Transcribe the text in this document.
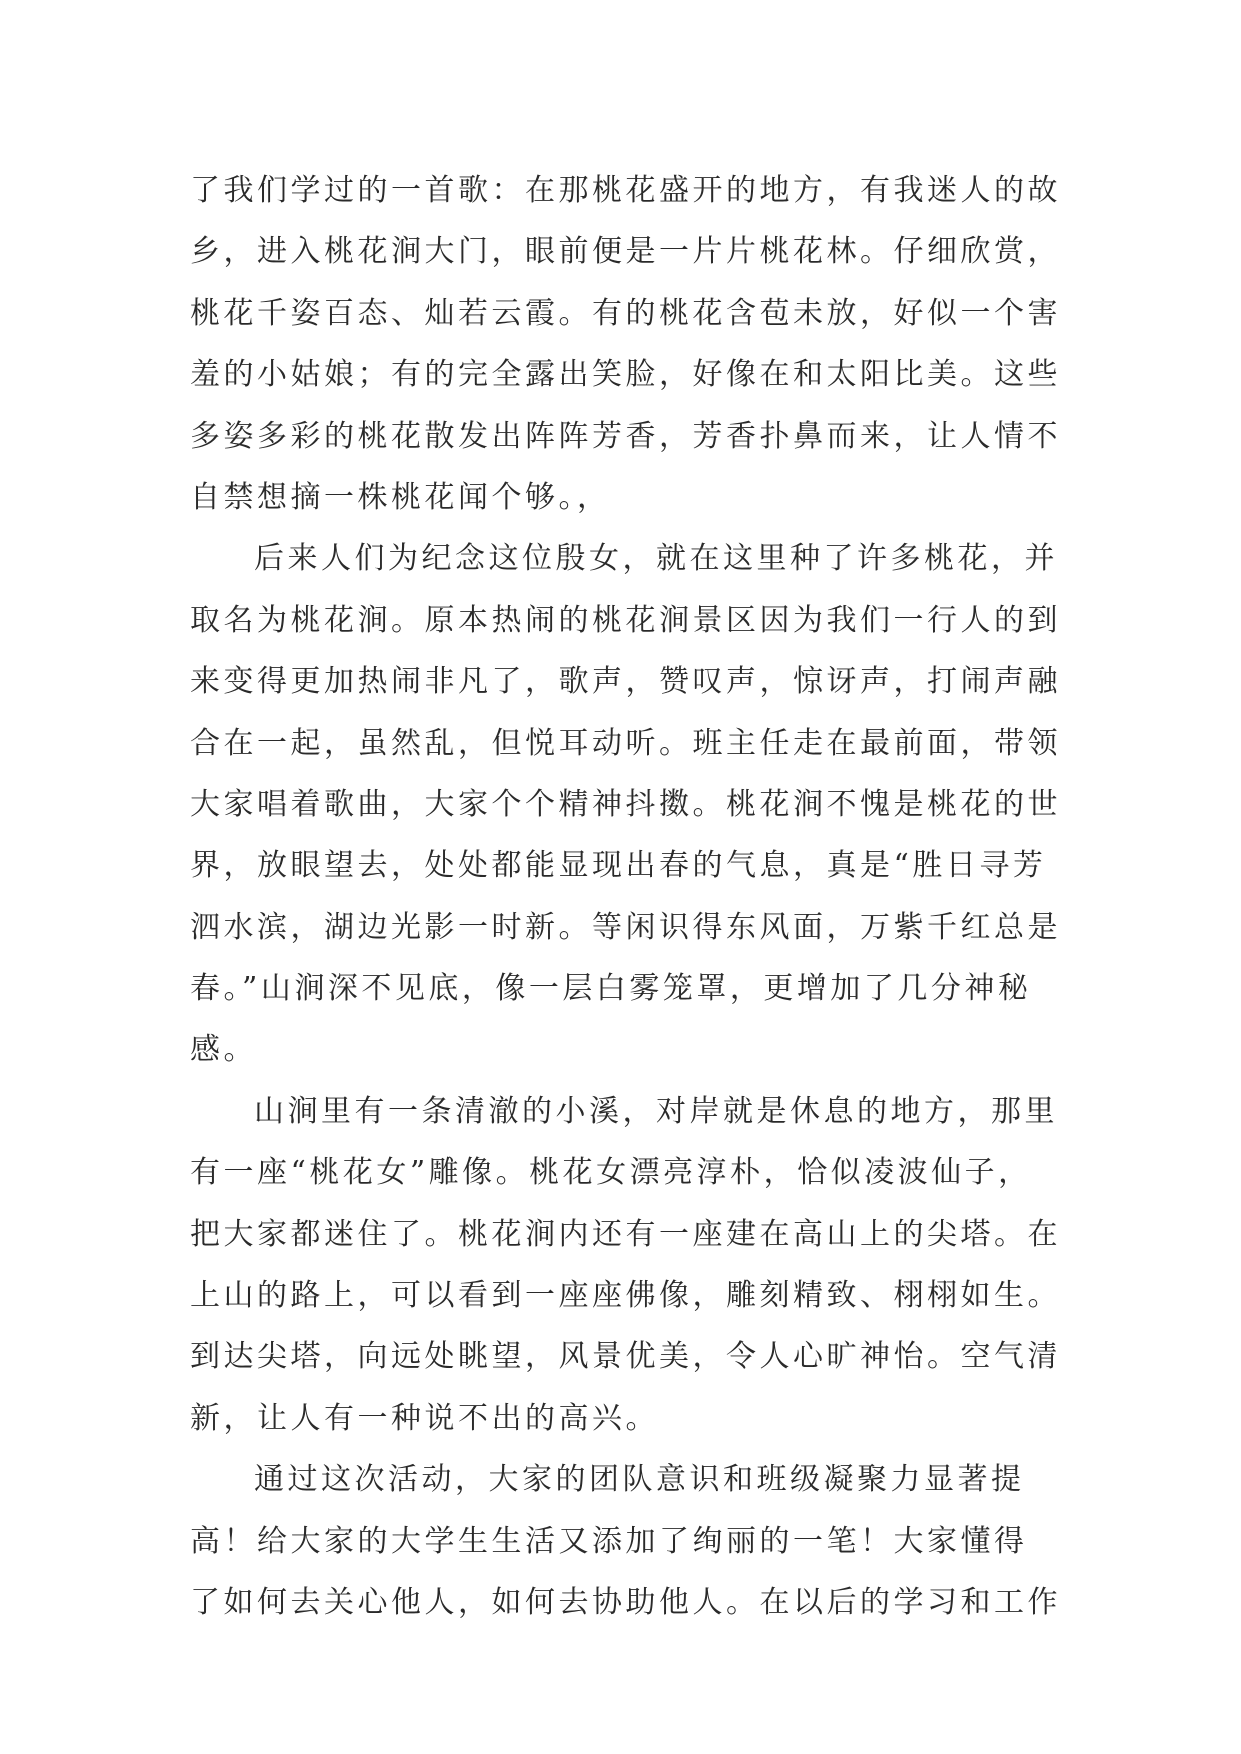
了我们学过的一首歌：在那桃花盛开的地方，有我迷人的故
乡，进入桃花涧大门，眼前便是一片片桃花林。仔细欣赏，
桃花千姿百态、灿若云霞。有的桃花含苞未放，好似一个害
羞的小姑娘；有的完全露出笑脸，好像在和太阳比美。这些
多姿多彩的桃花散发出阵阵芳香，芳香扑鼻而来，让人情不
自禁想摘一株桃花闻个够。，
后来人们为纪念这位殷女，就在这里种了许多桃花，并
取名为桃花涧。原本热闹的桃花涧景区因为我们一行人的到
来变得更加热闹非凡了，歌声，赞叹声，惊讶声，打闹声融
合在一起，虽然乱，但悦耳动听。班主任走在最前面，带领
大家唱着歌曲，大家个个精神抖擞。桃花涧不愧是桃花的世
界，放眼望去，处处都能显现出春的气息，真是“胜日寻芳
泗水滨，湖边光影一时新。等闲识得东风面，万紫千红总是
春。”山涧深不见底，像一层白雾笼罩，更增加了几分神秘
感。
山涧里有一条清澈的小溪，对岸就是休息的地方，那里
有一座“桃花女”雕像。桃花女漂亮淳朴，恰似凌波仙子，
把大家都迷住了。桃花涧内还有一座建在高山上的尖塔。在
上山的路上，可以看到一座座佛像，雕刻精致、栩栩如生。
到达尖塔，向远处眺望，风景优美，令人心旷神怡。空气清
新，让人有一种说不出的高兴。
通过这次活动，大家的团队意识和班级凝聚力显著提
高！给大家的大学生生活又添加了绚丽的一笔！大家懂得
了如何去关心他人，如何去协助他人。在以后的学习和工作
